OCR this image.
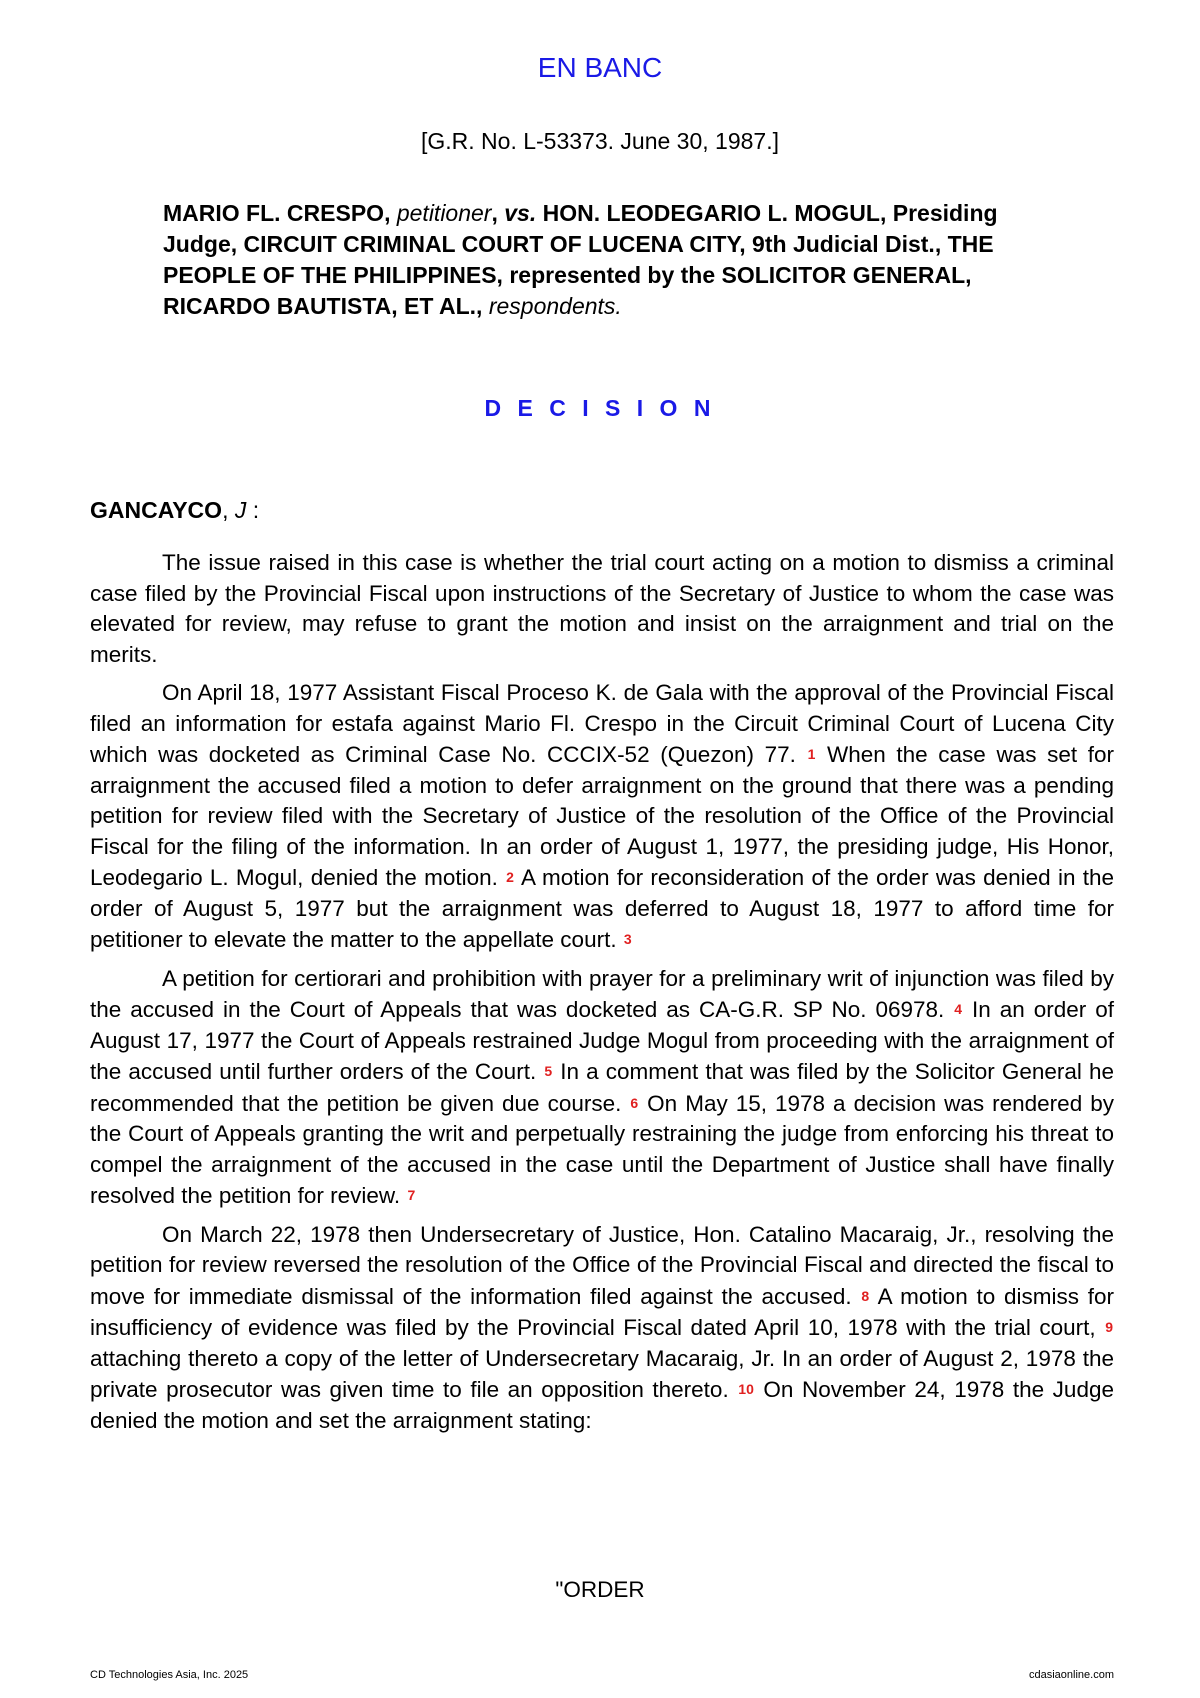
EN BANC
[G.R. No. L-53373. June 30, 1987.]
MARIO FL. CRESPO, petitioner, vs. HON. LEODEGARIO L. MOGUL, Presiding Judge, CIRCUIT CRIMINAL COURT OF LUCENA CITY, 9th Judicial Dist., THE PEOPLE OF THE PHILIPPINES, represented by the SOLICITOR GENERAL, RICARDO BAUTISTA, ET AL., respondents.
D E C I S I O N
GANCAYCO, J :

The issue raised in this case is whether the trial court acting on a motion to dismiss a criminal case filed by the Provincial Fiscal upon instructions of the Secretary of Justice to whom the case was elevated for review, may refuse to grant the motion and insist on the arraignment and trial on the merits.

On April 18, 1977 Assistant Fiscal Proceso K. de Gala with the approval of the Provincial Fiscal filed an information for estafa against Mario Fl. Crespo in the Circuit Criminal Court of Lucena City which was docketed as Criminal Case No. CCCIX-52 (Quezon) 77. 1 When the case was set for arraignment the accused filed a motion to defer arraignment on the ground that there was a pending petition for review filed with the Secretary of Justice of the resolution of the Office of the Provincial Fiscal for the filing of the information. In an order of August 1, 1977, the presiding judge, His Honor, Leodegario L. Mogul, denied the motion. 2 A motion for reconsideration of the order was denied in the order of August 5, 1977 but the arraignment was deferred to August 18, 1977 to afford time for petitioner to elevate the matter to the appellate court. 3

A petition for certiorari and prohibition with prayer for a preliminary writ of injunction was filed by the accused in the Court of Appeals that was docketed as CA-G.R. SP No. 06978. 4 In an order of August 17, 1977 the Court of Appeals restrained Judge Mogul from proceeding with the arraignment of the accused until further orders of the Court. 5 In a comment that was filed by the Solicitor General he recommended that the petition be given due course. 6 On May 15, 1978 a decision was rendered by the Court of Appeals granting the writ and perpetually restraining the judge from enforcing his threat to compel the arraignment of the accused in the case until the Department of Justice shall have finally resolved the petition for review. 7

On March 22, 1978 then Undersecretary of Justice, Hon. Catalino Macaraig, Jr., resolving the petition for review reversed the resolution of the Office of the Provincial Fiscal and directed the fiscal to move for immediate dismissal of the information filed against the accused. 8 A motion to dismiss for insufficiency of evidence was filed by the Provincial Fiscal dated April 10, 1978 with the trial court, 9 attaching thereto a copy of the letter of Undersecretary Macaraig, Jr. In an order of August 2, 1978 the private prosecutor was given time to file an opposition thereto. 10 On November 24, 1978 the Judge denied the motion and set the arraignment stating:

"ORDER
CD Technologies Asia, Inc. 2025	cdasiaonline.com
